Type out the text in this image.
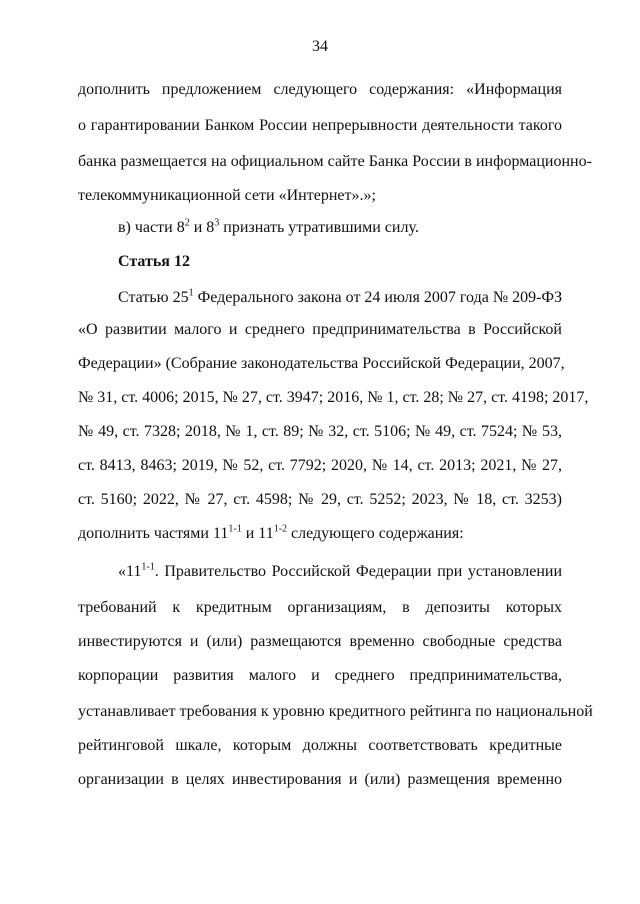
34
дополнить предложением следующего содержания: «Информация
о гарантировании Банком России непрерывности деятельности такого
банка размещается на официальном сайте Банка России в информационно-
телекоммуникационной сети «Интернет».»;
в) части $8^2$ и $8^3$ признать утратившими силу.
Статья 12
Статью $25^1$ Федерального закона от 24 июля 2007 года № 209-ФЗ
«О развитии малого и среднего предпринимательства в Российской
Федерации» (Собрание законодательства Российской Федерации, 2007,
№ 31, ст. 4006; 2015, № 27, ст. 3947; 2016, № 1, ст. 28; № 27, ст. 4198; 2017,
№ 49, ст. 7328; 2018, № 1, ст. 89; № 32, ст. 5106; № 49, ст. 7524; № 53,
ст. 8413, 8463; 2019, № 52, ст. 7792; 2020, № 14, ст. 2013; 2021, № 27,
ст. 5160; 2022, № 27, ст. 4598; № 29, ст. 5252; 2023, № 18, ст. 3253)
дополнить частями 11$^{1-1}$ и 11$^{1-2}$ следующего содержания:
«11$^{1-1}$. Правительство Российской Федерации при установлении
требований к кредитным организациям, в депозиты которых
инвестируются и (или) размещаются временно свободные средства
корпорации развития малого и среднего предпринимательства,
устанавливает требования к уровню кредитного рейтинга по национальной
рейтинговой шкале, которым должны соответствовать кредитные
организации в целях инвестирования и (или) размещения временно
